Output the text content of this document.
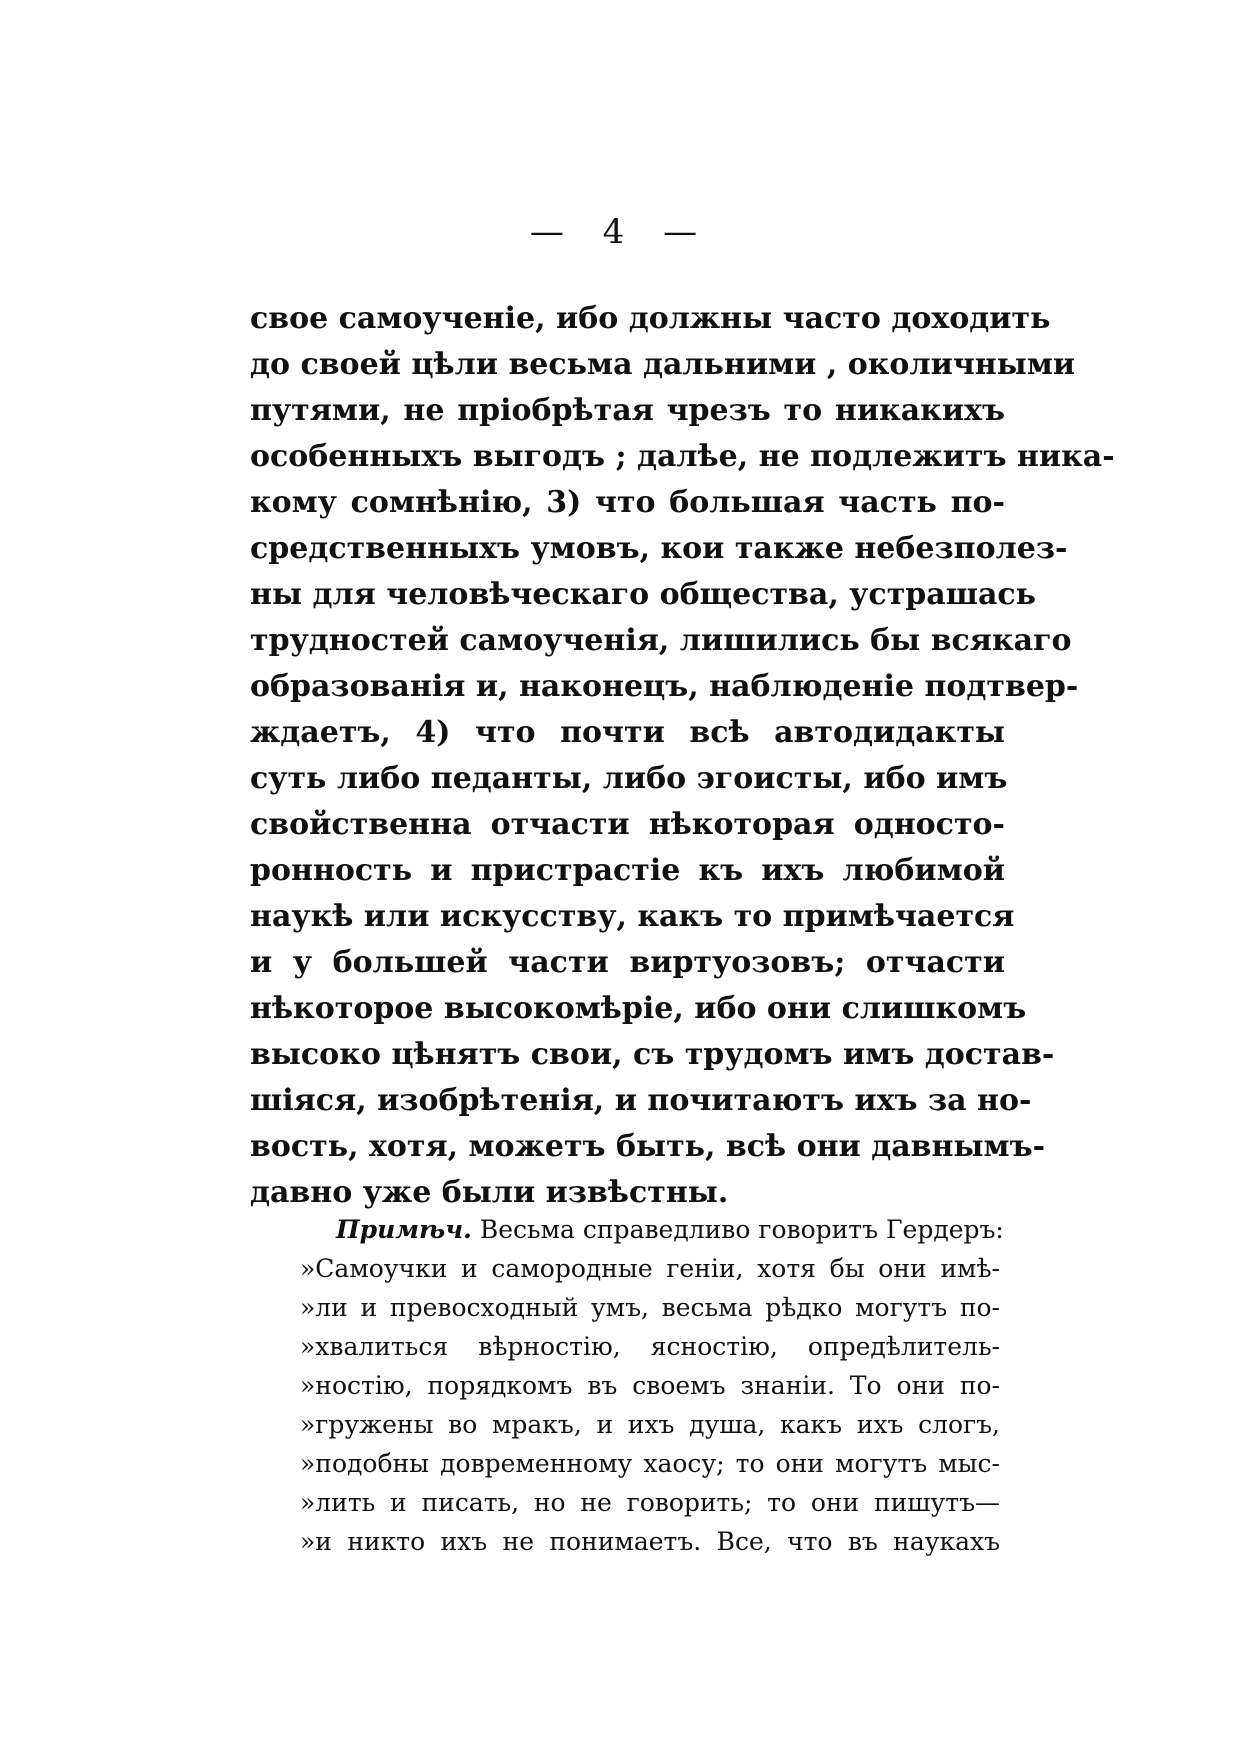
— 4 —
свое самоученіе, ибо должны часто доходить
до своей цѣли весьма дальними , околичными
путями, не пріобрѣтая чрезъ то никакихъ
особенныхъ выгодъ ; далѣе, не подлежитъ никa-
кому сомнѣнію, 3) что большая часть по-
средственныхъ умовъ, кои также небезполез-
ны для человѣческаго общества, устрашась
трудностей самоученія, лишились бы всякаго
образованія и, наконецъ, наблюденіе подтвер-
ждаетъ, 4) что почти всѣ автодидакты
суть либо педанты, либо эгоисты, ибо имъ
свойственна отчасти нѣкоторая односто-
ронность и пристрастіе къ ихъ любимой
наукѣ или искусству, какъ то примѣчается
и у большей части виртуозовъ; отчасти
нѣкоторое высокомѣріе, ибо они слишкомъ
высоко цѣнятъ свои, съ трудомъ имъ достав-
шіяся, изобрѣтенія, и почитаютъ ихъ за но-
вость, хотя, можетъ быть, всѣ они давнымъ-
давно уже были извѣстны.
Примѣч. Весьма справедливо говоритъ Гердеръ:
»Самоучки и самородные геніи, хотя бы они имѣ-
»ли и превосходный умъ, весьма рѣдко могутъ по-
»хвалиться вѣрностію, ясностію, опредѣлитель-
»ностію, порядкомъ въ своемъ знаніи. То они по-
»гружены во мракъ, и ихъ душа, какъ ихъ слогъ,
»подобны довременному хаосу; то они могутъ мыс-
»лить и писать, но не говорить; то они пишутъ—
»и никто ихъ не понимаетъ. Все, что въ наукахъ
